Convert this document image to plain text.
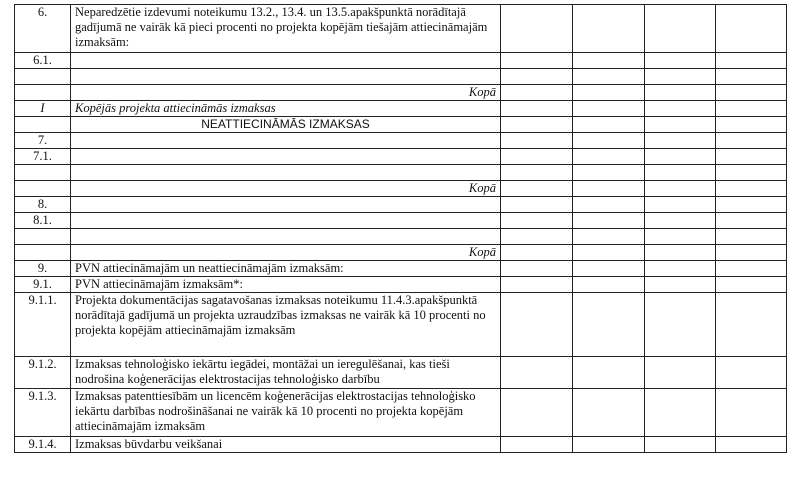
6.	Neparedzētie izdevumi noteikumu 13.2., 13.4. un 13.5.apakšpunktā norādītajā gadījumā ne vairāk kā pieci procenti no projekta kopējām tiešajām attiecināmajām izmaksām:				
6.1.					

	Kopā				
I	Kopējās projekta attiecināmās izmaksas				
	NEATTIECINĀMĀS IZMAKSAS				
7.					
7.1.					

	Kopā				
8.					
8.1.					

	Kopā				
9.	PVN attiecināmajām un neattiecināmajām izmaksām:				
9.1.	PVN attiecināmajām izmaksām*:				
9.1.1.	Projekta dokumentācijas sagatavošanas izmaksas noteikumu 11.4.3.apakšpunktā norādītajā gadījumā un projekta uzraudzības izmaksas ne vairāk kā 10 procenti no projekta kopējām attiecināmajām izmaksām				
9.1.2.	Izmaksas tehnoloģisko iekārtu iegādei, montāžai un ieregulēšanai, kas tieši nodrošina koģenerācijas elektrostacijas tehnoloģisko darbību				
9.1.3.	Izmaksas patenttiesībām un licencēm koģenerācijas elektrostacijas tehnoloģisko iekārtu darbības nodrošināšanai ne vairāk kā 10 procenti no projekta kopējām attiecināmajām izmaksām				
9.1.4.	Izmaksas būvdarbu veikšanai				
